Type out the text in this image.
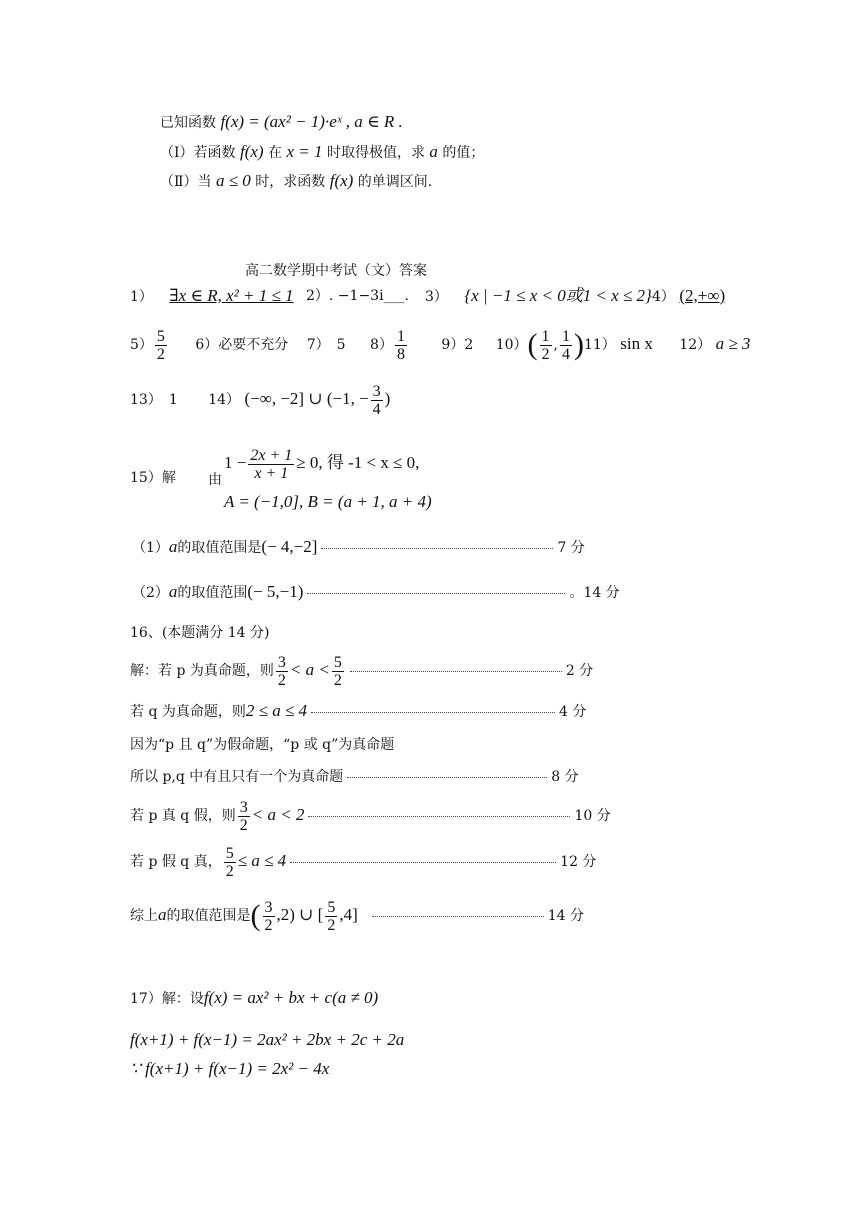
已知函数 f(x) = (ax² − 1)·eˣ , a ∈ R .
（Ⅰ）若函数 f(x) 在 x = 1 时取得极值，求 a 的值；
（Ⅱ）当 a ≤ 0 时，求函数 f(x) 的单调区间.
高二数学期中考试（文）答案
1） ∃x ∈ R, x² + 1 ≤ 1 2）. −1−3i___. 3） {x | −1 ≤ x < 0或1 < x ≤ 2} 4） (2,+∞)
$5) \frac{5}{2} 6$）必要不充分 7）　5 $8) \frac{1}{8} 9)2$ $10)( \frac{1}{2}$ , $\frac{1}{4} )11$） sin x 12） a ≥ 3
13）　1 14） (−∞, −2] ∪ (−1, − $\frac{3}{4}$ )
15）解 由
$1 - \frac{2x + 1}{x + 1} \ge 0$, 得 -1 < x ≤ 0,
A = (−1,0], B = (a + 1, a + 4)
（1）a的取值范围是(− 4,−2]	7 分
（2）a的取值范围(− 5,−1)	。14 分
16、(本题满分 14 分)
解：若 p 为真命题，则 $\frac{3}{2} < a < \frac{5}{2}$	2 分
若 q 为真命题，则2 ≤ a ≤ 4	4 分
因为“p 且 q”为假命题，“p 或 q”为真命题
所以 p,q 中有且只有一个为真命题	8 分
若 p 真 q 假，则 $\frac{3}{2} < a < 2$	10 分
若 p 假 q 真， $\frac{5}{2} \le a \le 4$	12 分
综上a的取值范围是( $\frac{3}{2} ,2$) ∪ [ $\frac{5}{2} ,4$]	14 分
17）解：设f(x) = ax² + bx + c(a ≠ 0)
f(x+1) + f(x−1) = 2ax² + 2bx + 2c + 2a
∵ f(x+1) + f(x−1) = 2x² − 4x
